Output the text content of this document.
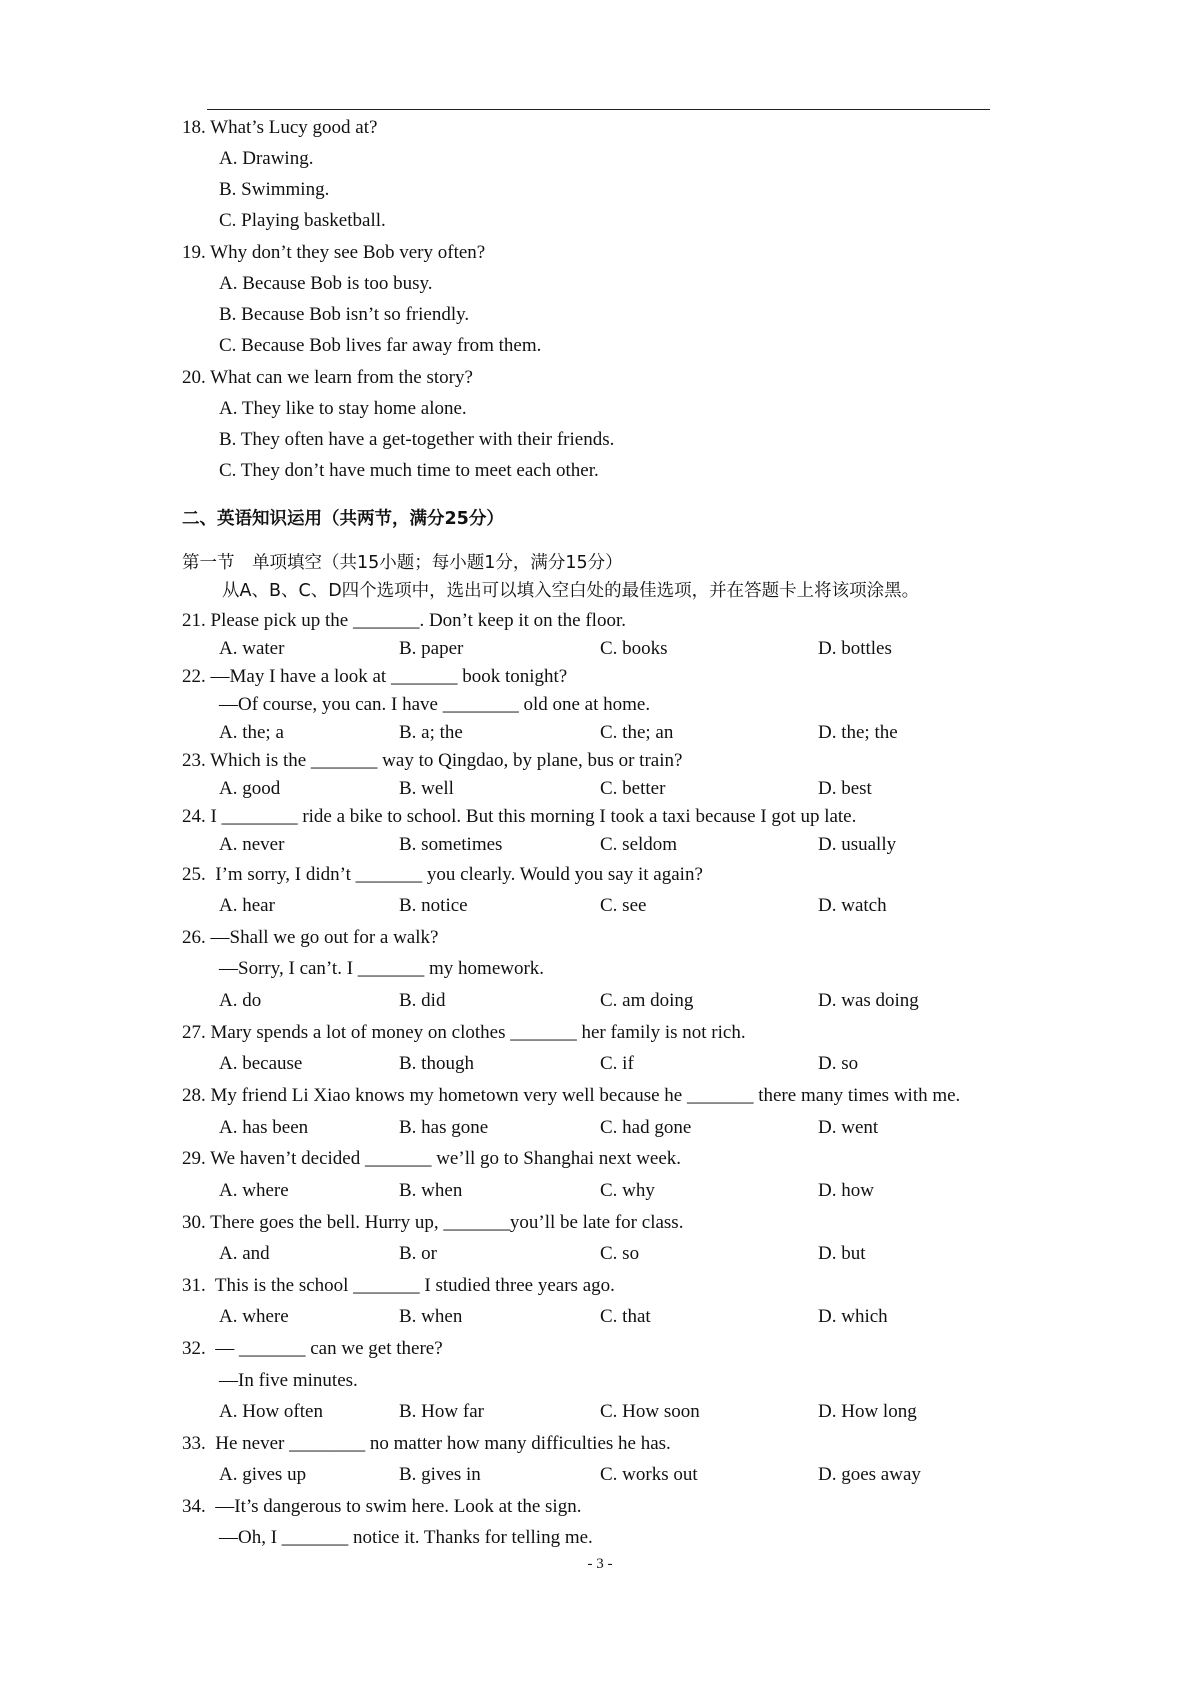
18. What’s Lucy good at?
A. Drawing.
B. Swimming.
C. Playing basketball.
19. Why don’t they see Bob very often?
A. Because Bob is too busy.
B. Because Bob isn’t so friendly.
C. Because Bob lives far away from them.
20. What can we learn from the story?
A. They like to stay home alone.
B. They often have a get-together with their friends.
C. They don’t have much time to meet each other.
二、英语知识运用（共两节，满分25分）
第一节　单项填空（共15小题；每小题1分，满分15分）
从A、B、C、D四个选项中，选出可以填入空白处的最佳选项，并在答题卡上将该项涂黑。
21. Please pick up the _______. Don’t keep it on the floor.
A. water	B. paper	C. books	D. bottles
22. —May I have a look at _______ book tonight?
—Of course, you can. I have ________ old one at home.
A. the; a	B. a; the	C. the; an	D. the; the
23. Which is the _______ way to Qingdao, by plane, bus or train?
A. good	B. well	C. better	D. best
24. I ________ ride a bike to school. But this morning I took a taxi because I got up late.
A. never	B. sometimes	C. seldom	D. usually
25.  I’m sorry, I didn’t _______ you clearly. Would you say it again?
A. hear	B. notice	C. see	D. watch
26. —Shall we go out for a walk?
—Sorry, I can’t. I _______ my homework.
A. do	B. did	C. am doing	D. was doing
27. Mary spends a lot of money on clothes _______ her family is not rich.
A. because	B. though	C. if	D. so
28. My friend Li Xiao knows my hometown very well because he _______ there many times with me.
A. has been	B. has gone	C. had gone	D. went
29. We haven’t decided _______ we’ll go to Shanghai next week.
A. where	B. when	C. why	D. how
30. There goes the bell. Hurry up, _______you’ll be late for class.
A. and	B. or	C. so	D. but
31.  This is the school _______ I studied three years ago.
A. where	B. when	C. that	D. which
32.  — _______ can we get there?
—In five minutes.
A. How often	B. How far	C. How soon	D. How long
33.  He never ________ no matter how many difficulties he has.
A. gives up	B. gives in	C. works out	D. goes away
34.  —It’s dangerous to swim here. Look at the sign.
—Oh, I _______ notice it. Thanks for telling me.
- 3 -
